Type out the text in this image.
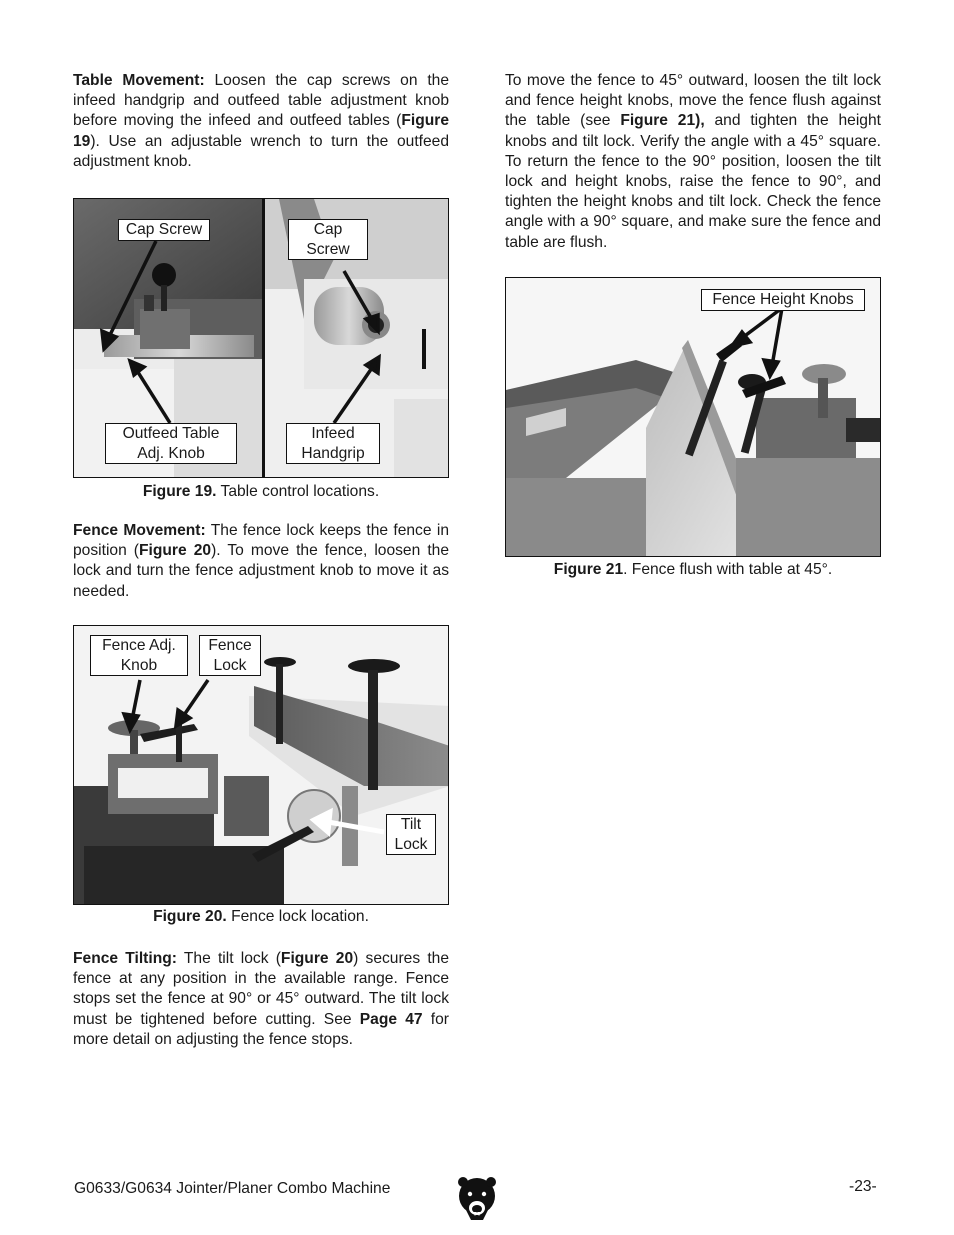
Table Movement: Loosen the cap screws on the infeed handgrip and outfeed table adjustment knob before moving the infeed and outfeed tables (Figure 19). Use an adjustable wrench to turn the outfeed adjustment knob.

Cap Screw	Cap
Screw
Outfeed Table
Adj. Knob
Infeed
Handgrip
Figure 19. Table control locations.

Fence Movement: The fence lock keeps the fence in position (Figure 20). To move the fence, loosen the lock and turn the fence adjustment knob to move it as needed.

Fence Adj.
Knob
Fence
Lock
Tilt
Lock
Figure 20. Fence lock location.

Fence Tilting: The tilt lock (Figure 20) secures the fence at any position in the available range. Fence stops set the fence at 90° or 45° outward. The tilt lock must be tightened before cutting. See Page 47 for more detail on adjusting the fence stops.

To move the fence to 45° outward, loosen the tilt lock and fence height knobs, move the fence flush against the table (see Figure 21), and tighten the height knobs and tilt lock. Verify the angle with a 45° square. To return the fence to the 90° position, loosen the tilt lock and height knobs, raise the fence to 90°, and tighten the height knobs and tilt lock. Check the fence angle with a 90° square, and make sure the fence and table are flush.

Fence Height Knobs
Figure 21. Fence flush with table at 45°.
G0633/G0634 Jointer/Planer Combo Machine	-23-
